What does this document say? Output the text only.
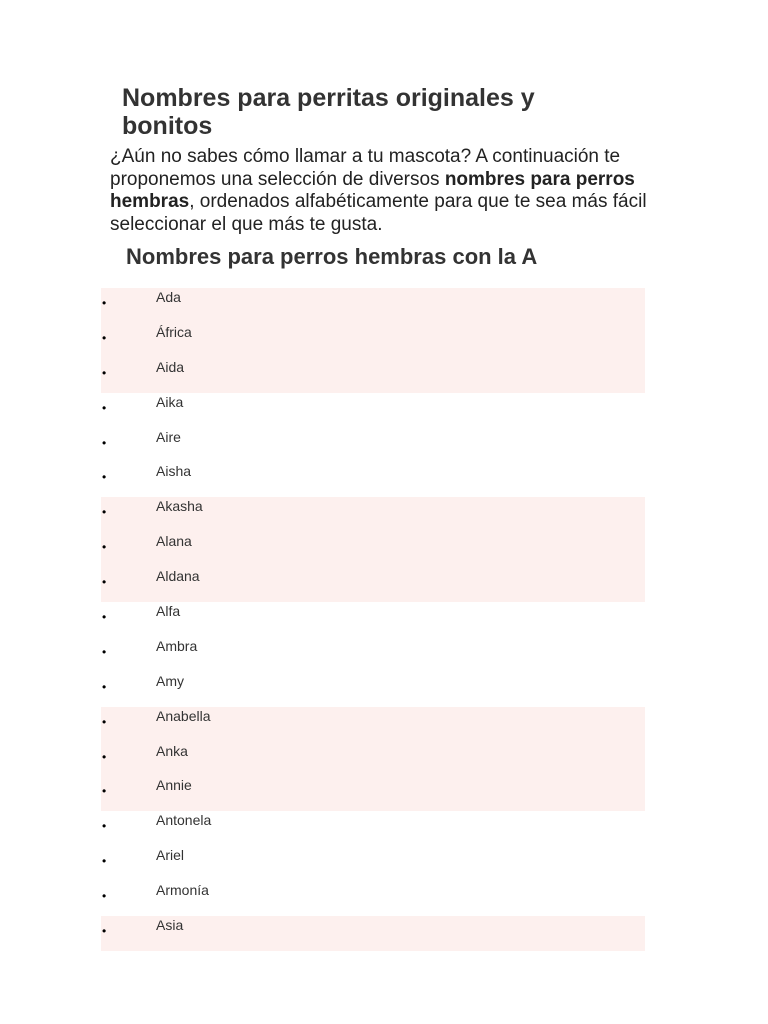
Nombres para perritas originales y bonitos

¿Aún no sabes cómo llamar a tu mascota? A continuación te proponemos una selección de diversos nombres para perros hembras, ordenados alfabéticamente para que te sea más fácil seleccionar el que más te gusta.

Nombres para perros hembras con la A
•	Ada
•	África
•	Aida
•	Aika
•	Aire
•	Aisha
•	Akasha
•	Alana
•	Aldana
•	Alfa
•	Ambra
•	Amy
•	Anabella
•	Anka
•	Annie
•	Antonela
•	Ariel
•	Armonía
•	Asia
